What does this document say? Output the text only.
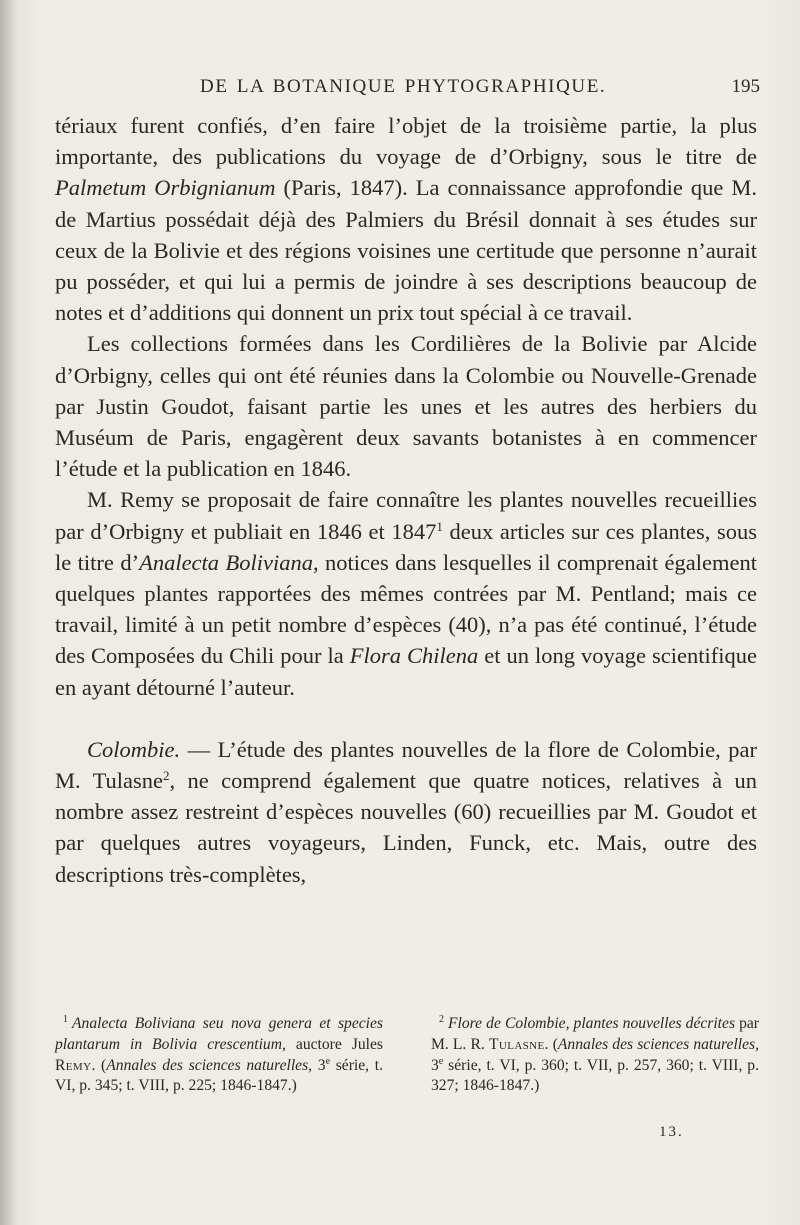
DE LA BOTANIQUE PHYTOGRAPHIQUE.	195

tériaux furent confiés, d’en faire l’objet de la troisième partie, la plus importante, des publications du voyage de d’Orbigny, sous le titre de Palmetum Orbignianum (Paris, 1847). La connaissance approfondie que M. de Martius possédait déjà des Palmiers du Brésil donnait à ses études sur ceux de la Bolivie et des régions voisines une certitude que personne n’aurait pu posséder, et qui lui a permis de joindre à ses descriptions beaucoup de notes et d’additions qui donnent un prix tout spécial à ce travail.

Les collections formées dans les Cordilières de la Bolivie par Alcide d’Orbigny, celles qui ont été réunies dans la Colombie ou Nouvelle-Grenade par Justin Goudot, faisant partie les unes et les autres des herbiers du Muséum de Paris, engagèrent deux savants botanistes à en commencer l’étude et la publication en 1846.

M. Remy se proposait de faire connaître les plantes nouvelles recueillies par d’Orbigny et publiait en 1846 et 1847$^1$ deux articles sur ces plantes, sous le titre d’Analecta Boliviana, notices dans lesquelles il comprenait également quelques plantes rapportées des mêmes contrées par M. Pentland; mais ce travail, limité à un petit nombre d’espèces (40), n’a pas été continué, l’étude des Composées du Chili pour la Flora Chilena et un long voyage scientifique en ayant détourné l’auteur.

Colombie. — L’étude des plantes nouvelles de la flore de Colombie, par M. Tulasne$^2$, ne comprend également que quatre notices, relatives à un nombre assez restreint d’espèces nouvelles (60) recueillies par M. Goudot et par quelques autres voyageurs, Linden, Funck, etc. Mais, outre des descriptions très-complètes,

$^1$ Analecta Boliviana seu nova genera et species plantarum in Bolivia crescentium, auctore Jules Remy. (Annales des sciences naturelles, 3e série, t. VI, p. 345; t. VIII, p. 225; 1846-1847.)
$^2$ Flore de Colombie, plantes nouvelles décrites par M. L. R. Tulasne. (Annales des sciences naturelles, 3e série, t. VI, p. 360; t. VII, p. 257, 360; t. VIII, p. 327; 1846-1847.)
13.
